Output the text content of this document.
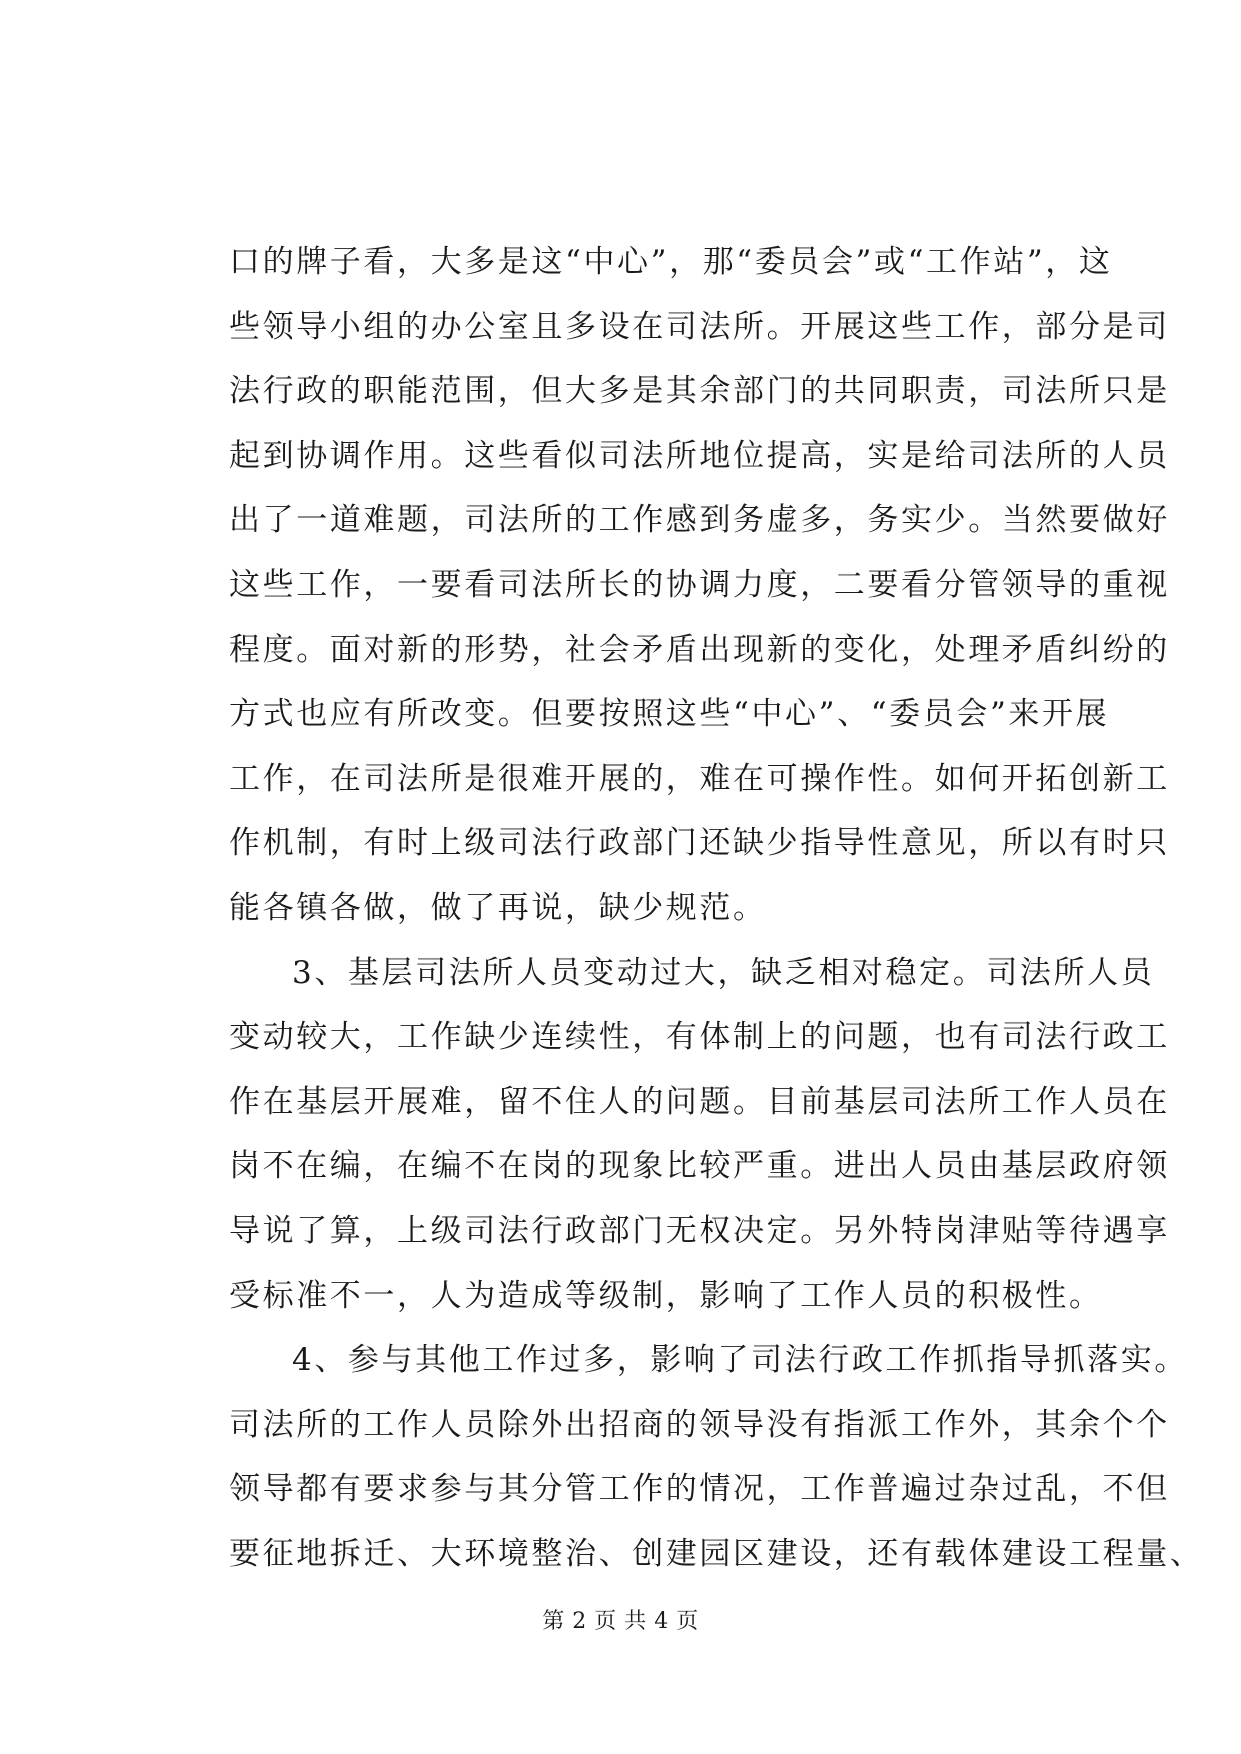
口的牌子看，大多是这“中心”，那“委员会”或“工作站”，这
些领导小组的办公室且多设在司法所。开展这些工作，部分是司
法行政的职能范围，但大多是其余部门的共同职责，司法所只是
起到协调作用。这些看似司法所地位提高，实是给司法所的人员
出了一道难题，司法所的工作感到务虚多，务实少。当然要做好
这些工作，一要看司法所长的协调力度，二要看分管领导的重视
程度。面对新的形势，社会矛盾出现新的变化，处理矛盾纠纷的
方式也应有所改变。但要按照这些“中心”、“委员会”来开展
工作，在司法所是很难开展的，难在可操作性。如何开拓创新工
作机制，有时上级司法行政部门还缺少指导性意见，所以有时只
能各镇各做，做了再说，缺少规范。
3、基层司法所人员变动过大，缺乏相对稳定。司法所人员
变动较大，工作缺少连续性，有体制上的问题，也有司法行政工
作在基层开展难，留不住人的问题。目前基层司法所工作人员在
岗不在编，在编不在岗的现象比较严重。进出人员由基层政府领
导说了算，上级司法行政部门无权决定。另外特岗津贴等待遇享
受标准不一，人为造成等级制，影响了工作人员的积极性。
4、参与其他工作过多，影响了司法行政工作抓指导抓落实。
司法所的工作人员除外出招商的领导没有指派工作外，其余个个
领导都有要求参与其分管工作的情况，工作普遍过杂过乱，不但
要征地拆迁、大环境整治、创建园区建设，还有载体建设工程量、
第 2 页 共 4 页
